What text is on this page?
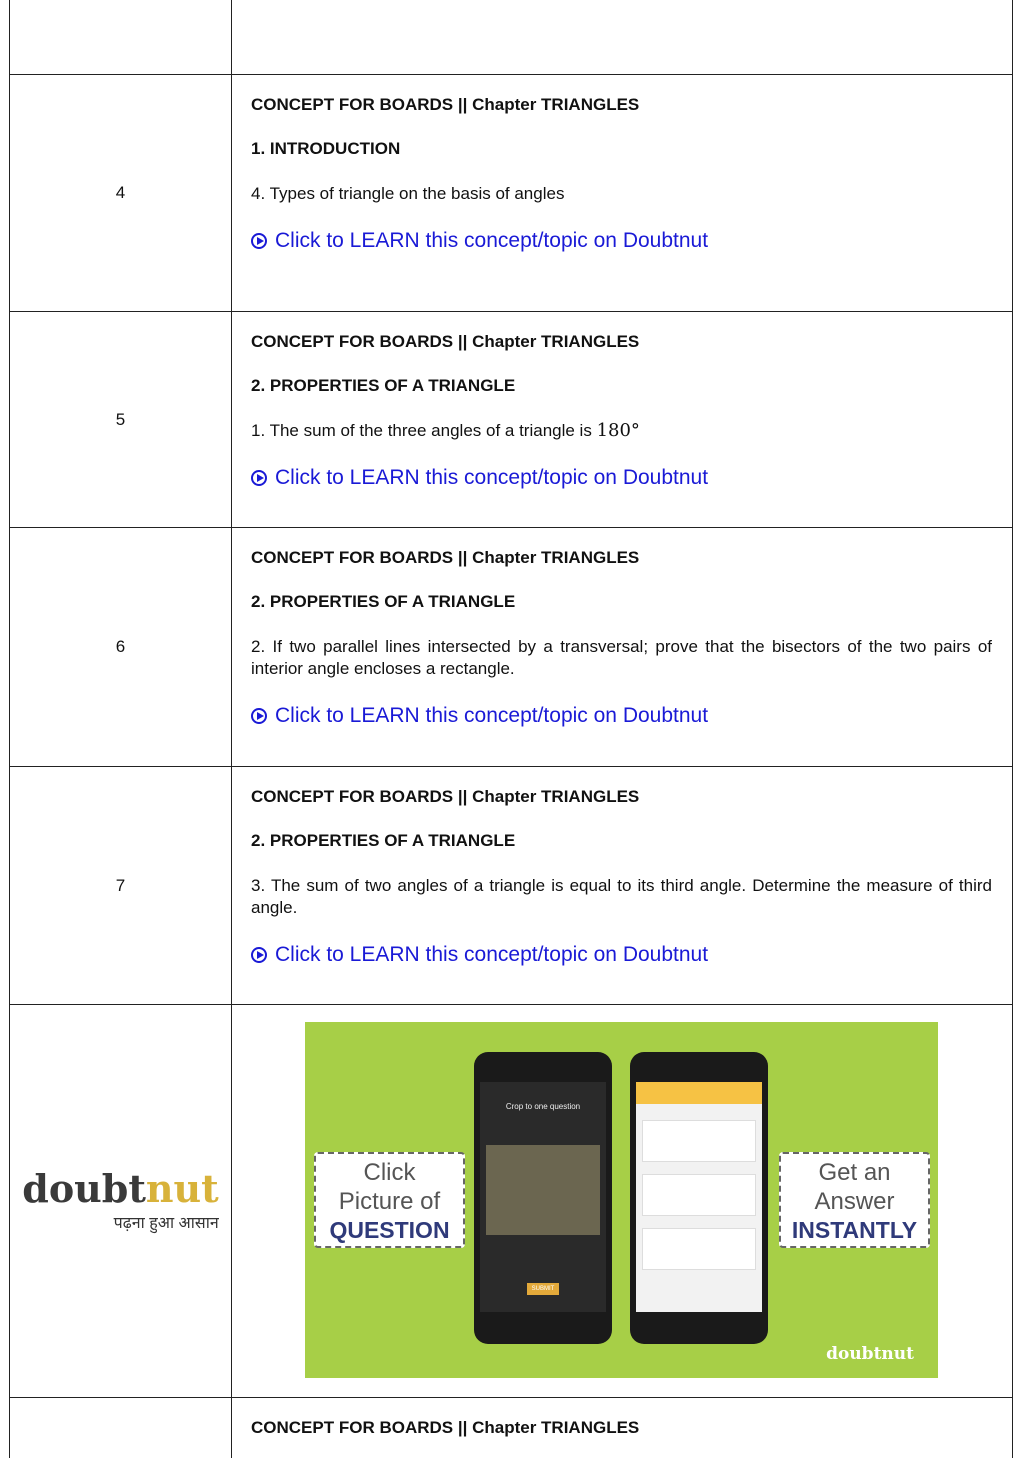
4
CONCEPT FOR BOARDS || Chapter TRIANGLES
1. INTRODUCTION
4. Types of triangle on the basis of angles
Click to LEARN this concept/topic on Doubtnut
5
CONCEPT FOR BOARDS || Chapter TRIANGLES
2. PROPERTIES OF A TRIANGLE
1. The sum of the three angles of a triangle is 180°
Click to LEARN this concept/topic on Doubtnut
6
CONCEPT FOR BOARDS || Chapter TRIANGLES
2. PROPERTIES OF A TRIANGLE
2. If two parallel lines intersected by a transversal; prove that the bisectors of the two pairs of interior angle encloses a rectangle.
Click to LEARN this concept/topic on Doubtnut
7
CONCEPT FOR BOARDS || Chapter TRIANGLES
2. PROPERTIES OF A TRIANGLE
3. The sum of two angles of a triangle is equal to its third angle. Determine the measure of third angle.
Click to LEARN this concept/topic on Doubtnut
doubtnut
पढ़ना हुआ आसान
CONCEPT FOR BOARDS || Chapter TRIANGLES
Click
Picture of
QUESTION
Get an
Answer
INSTANTLY
Crop to one question
SUBMIT
doubtnut
